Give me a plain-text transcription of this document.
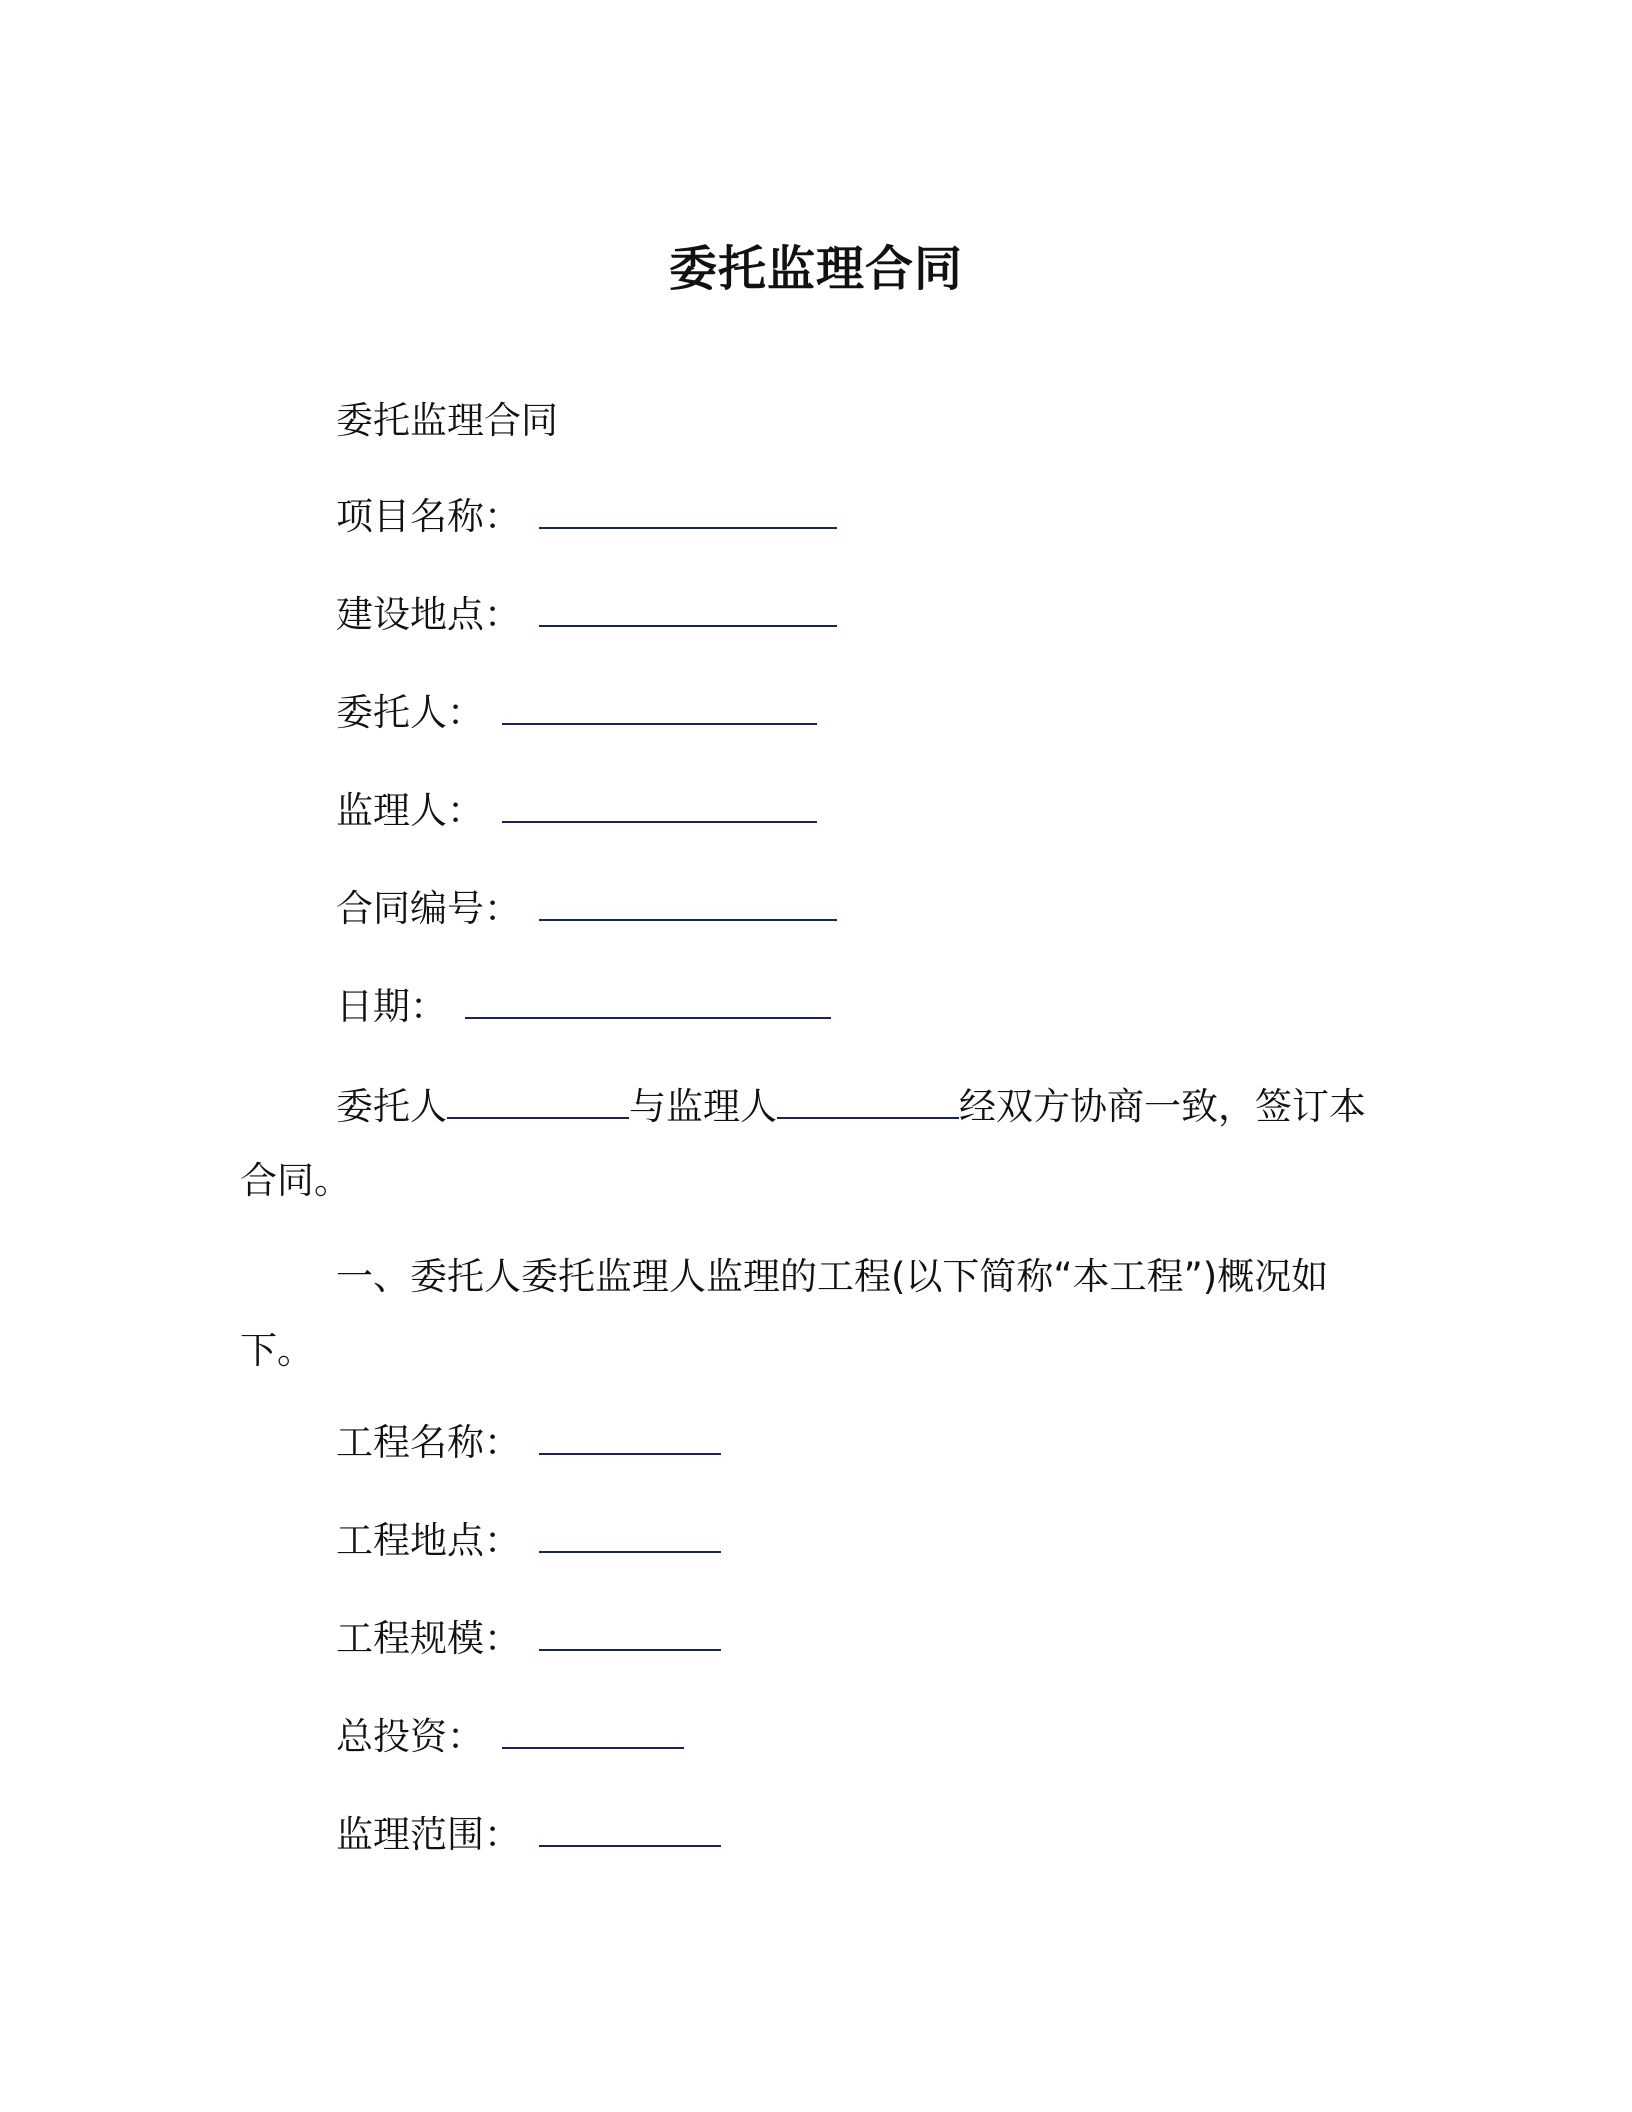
委托监理合同
委托监理合同
项目名称：
建设地点：
委托人：
监理人：
合同编号：
日期：
委托人	与监理人	经双方协商一致，签订本合同。
一、委托人委托监理人监理的工程(以下简称“本工程”)概况如下。
工程名称：
工程地点：
工程规模：
总投资：
监理范围：
